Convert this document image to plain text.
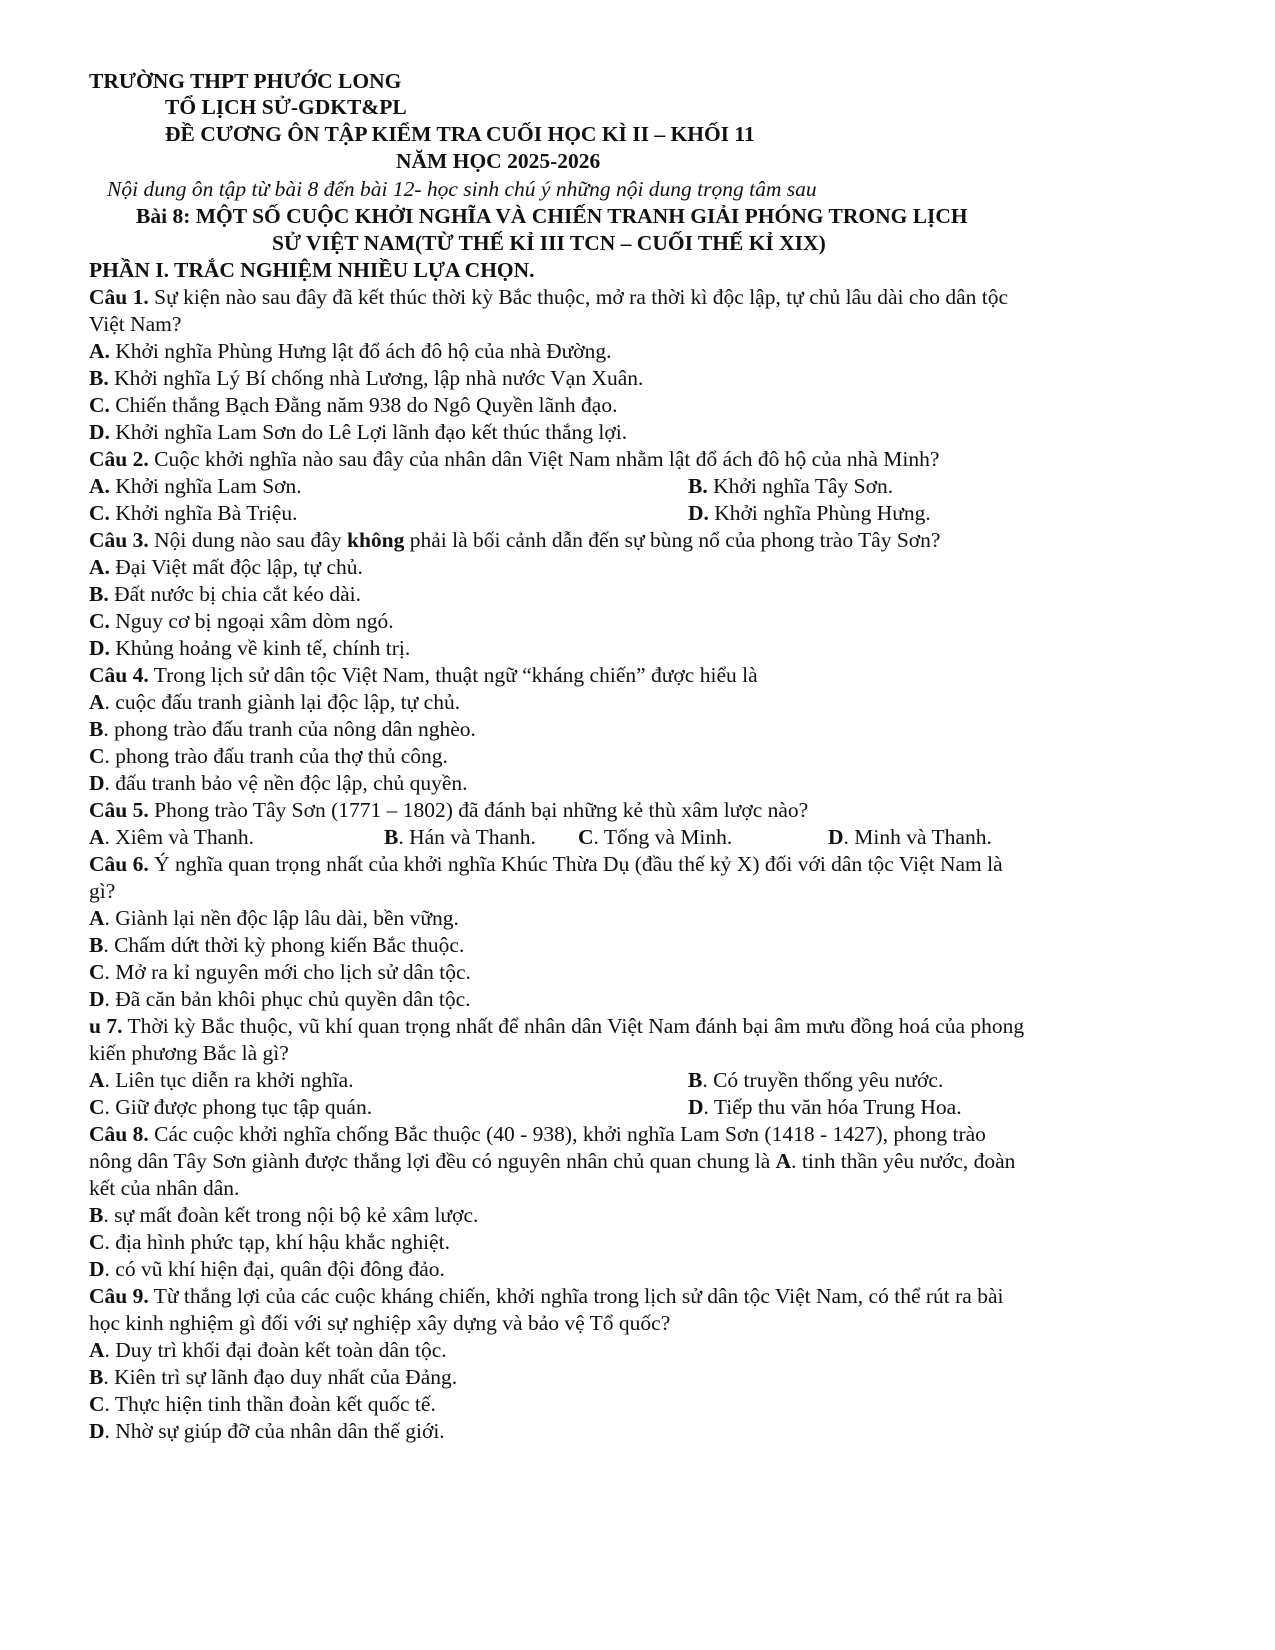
TRƯỜNG THPT PHƯỚC LONG
TỔ LỊCH SỬ-GDKT&PL
ĐỀ CƯƠNG ÔN TẬP KIỂM TRA CUỐI HỌC KÌ II – KHỐI 11
NĂM HỌC 2025-2026
Nội dung ôn tập từ bài 8 đến bài 12- học sinh chú ý những nội dung trọng tâm sau
Bài 8: MỘT SỐ CUỘC KHỞI NGHĨA VÀ CHIẾN TRANH GIẢI PHÓNG TRONG LỊCH
SỬ VIỆT NAM(TỪ THẾ KỈ III TCN – CUỐI THẾ KỈ XIX)
PHẦN I. TRẮC NGHIỆM NHIỀU LỰA CHỌN.
Câu 1. Sự kiện nào sau đây đã kết thúc thời kỳ Bắc thuộc, mở ra thời kì độc lập, tự chủ lâu dài cho dân tộc
Việt Nam?
A. Khởi nghĩa Phùng Hưng lật đổ ách đô hộ của nhà Đường.
B. Khởi nghĩa Lý Bí chống nhà Lương, lập nhà nước Vạn Xuân.
C. Chiến thắng Bạch Đằng năm 938 do Ngô Quyền lãnh đạo.
D. Khởi nghĩa Lam Sơn do Lê Lợi lãnh đạo kết thúc thắng lợi.
Câu 2. Cuộc khởi nghĩa nào sau đây của nhân dân Việt Nam nhằm lật đổ ách đô hộ của nhà Minh?
A. Khởi nghĩa Lam Sơn.	B. Khởi nghĩa Tây Sơn.
C. Khởi nghĩa Bà Triệu.	D. Khởi nghĩa Phùng Hưng.
Câu 3. Nội dung nào sau đây không phải là bối cảnh dẫn đến sự bùng nổ của phong trào Tây Sơn?
A. Đại Việt mất độc lập, tự chủ.
B. Đất nước bị chia cắt kéo dài.
C. Nguy cơ bị ngoại xâm dòm ngó.
D. Khủng hoảng về kinh tế, chính trị.
Câu 4. Trong lịch sử dân tộc Việt Nam, thuật ngữ “kháng chiến” được hiểu là
A. cuộc đấu tranh giành lại độc lập, tự chủ.
B. phong trào đấu tranh của nông dân nghèo.
C. phong trào đấu tranh của thợ thủ công.
D. đấu tranh bảo vệ nền độc lập, chủ quyền.
Câu 5. Phong trào Tây Sơn (1771 – 1802) đã đánh bại những kẻ thù xâm lược nào?
A. Xiêm và Thanh.	B. Hán và Thanh. C. Tống và Minh.	D. Minh và Thanh.
Câu 6. Ý nghĩa quan trọng nhất của khởi nghĩa Khúc Thừa Dụ (đầu thế kỷ X) đối với dân tộc Việt Nam là
gì?
A. Giành lại nền độc lập lâu dài, bền vững.
B. Chấm dứt thời kỳ phong kiến Bắc thuộc.
C. Mở ra kỉ nguyên mới cho lịch sử dân tộc.
D. Đã căn bản khôi phục chủ quyền dân tộc.
u 7. Thời kỳ Bắc thuộc, vũ khí quan trọng nhất để nhân dân Việt Nam đánh bại âm mưu đồng hoá của phong
kiến phương Bắc là gì?
A. Liên tục diễn ra khởi nghĩa.	B. Có truyền thống yêu nước.
C. Giữ được phong tục tập quán.	D. Tiếp thu văn hóa Trung Hoa.
Câu 8. Các cuộc khởi nghĩa chống Bắc thuộc (40 - 938), khởi nghĩa Lam Sơn (1418 - 1427), phong trào
nông dân Tây Sơn giành được thắng lợi đều có nguyên nhân chủ quan chung là A. tinh thần yêu nước, đoàn
kết của nhân dân.
B. sự mất đoàn kết trong nội bộ kẻ xâm lược.
C. địa hình phức tạp, khí hậu khắc nghiệt.
D. có vũ khí hiện đại, quân đội đông đảo.
Câu 9. Từ thắng lợi của các cuộc kháng chiến, khởi nghĩa trong lịch sử dân tộc Việt Nam, có thể rút ra bài
học kinh nghiệm gì đối với sự nghiệp xây dựng và bảo vệ Tổ quốc?
A. Duy trì khối đại đoàn kết toàn dân tộc.
B. Kiên trì sự lãnh đạo duy nhất của Đảng.
C. Thực hiện tinh thần đoàn kết quốc tế.
D. Nhờ sự giúp đỡ của nhân dân thế giới.
